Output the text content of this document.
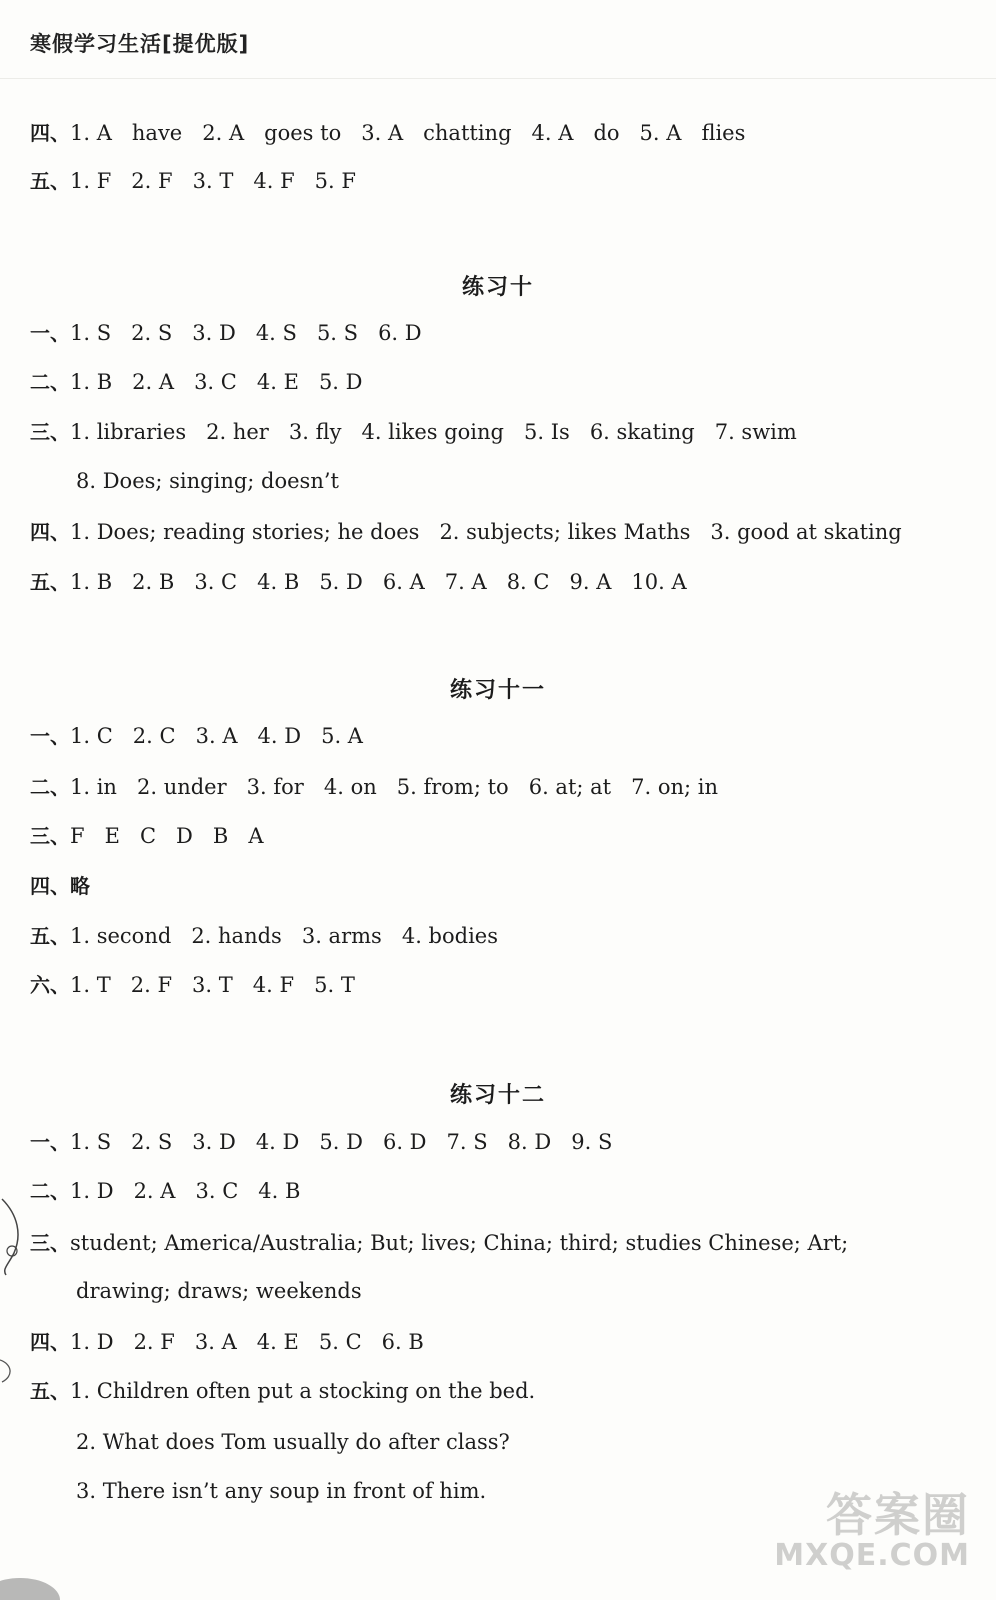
寒假学习生活[提优版]
四、1. A   have   2. A   goes to   3. A   chatting   4. A   do   5. A   flies
五、1. F   2. F   3. T   4. F   5. F
练习十
一、1. S   2. S   3. D   4. S   5. S   6. D
二、1. B   2. A   3. C   4. E   5. D
三、1. libraries   2. her   3. fly   4. likes going   5. Is   6. skating   7. swim
8. Does; singing; doesn’t
四、1. Does; reading stories; he does   2. subjects; likes Maths   3. good at skating
五、1. B   2. B   3. C   4. B   5. D   6. A   7. A   8. C   9. A   10. A
练习十一
一、1. C   2. C   3. A   4. D   5. A
二、1. in   2. under   3. for   4. on   5. from; to   6. at; at   7. on; in
三、F   E   C   D   B   A
四、略
五、1. second   2. hands   3. arms   4. bodies
六、1. T   2. F   3. T   4. F   5. T
练习十二
一、1. S   2. S   3. D   4. D   5. D   6. D   7. S   8. D   9. S
二、1. D   2. A   3. C   4. B
三、student; America/Australia; But; lives; China; third; studies Chinese; Art;
drawing; draws; weekends
四、1. D   2. F   3. A   4. E   5. C   6. B
五、1. Children often put a stocking on the bed.
2. What does Tom usually do after class?
3. There isn’t any soup in front of him.	答案圈
MXQE.COM
